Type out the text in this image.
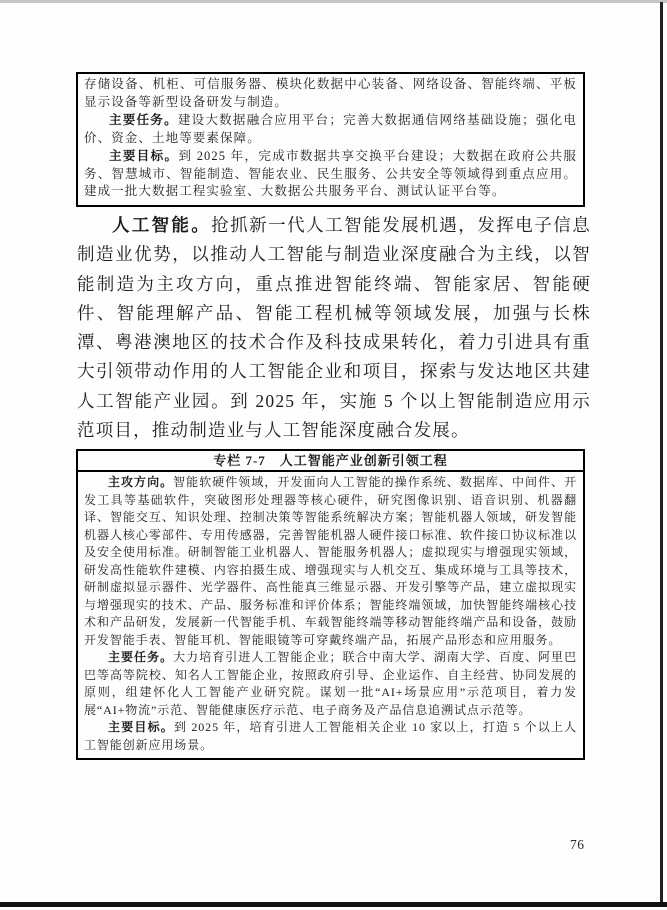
存储设备、机柜、可信服务器、模块化数据中心装备、网络设备、智能终端、平板显示设备等新型设备研发与制造。

主要任务。建设大数据融合应用平台；完善大数据通信网络基础设施；强化电价、资金、土地等要素保障。

主要目标。到 2025 年，完成市数据共享交换平台建设；大数据在政府公共服务、智慧城市、智能制造、智能农业、民生服务、公共安全等领域得到重点应用。建成一批大数据工程实验室、大数据公共服务平台、测试认证平台等。

人工智能。抢抓新一代人工智能发展机遇，发挥电子信息制造业优势，以推动人工智能与制造业深度融合为主线，以智能制造为主攻方向，重点推进智能终端、智能家居、智能硬件、智能理解产品、智能工程机械等领域发展，加强与长株潭、粤港澳地区的技术合作及科技成果转化，着力引进具有重大引领带动作用的人工智能企业和项目，探索与发达地区共建人工智能产业园。到 2025 年，实施 5 个以上智能制造应用示范项目，推动制造业与人工智能深度融合发展。

专栏 7-7　人工智能产业创新引领工程

主攻方向。智能软硬件领域，开发面向人工智能的操作系统、数据库、中间件、开发工具等基础软件，突破图形处理器等核心硬件，研究图像识别、语音识别、机器翻译、智能交互、知识处理、控制决策等智能系统解决方案；智能机器人领域，研发智能机器人核心零部件、专用传感器，完善智能机器人硬件接口标准、软件接口协议标准以及安全使用标准。研制智能工业机器人、智能服务机器人；虚拟现实与增强现实领域，研发高性能软件建模、内容拍摄生成、增强现实与人机交互、集成环境与工具等技术，研制虚拟显示器件、光学器件、高性能真三维显示器、开发引擎等产品，建立虚拟现实与增强现实的技术、产品、服务标准和评价体系；智能终端领域，加快智能终端核心技术和产品研发，发展新一代智能手机、车载智能终端等移动智能终端产品和设备，鼓励开发智能手表、智能耳机、智能眼镜等可穿戴终端产品，拓展产品形态和应用服务。

主要任务。大力培育引进人工智能企业；联合中南大学、湖南大学、百度、阿里巴巴等高等院校、知名人工智能企业，按照政府引导、企业运作、自主经营、协同发展的原则，组建怀化人工智能产业研究院。谋划一批“AI+场景应用”示范项目，着力发展“AI+物流”示范、智能健康医疗示范、电子商务及产品信息追溯试点示范等。

主要目标。到 2025 年，培育引进人工智能相关企业 10 家以上，打造 5 个以上人工智能创新应用场景。

76
